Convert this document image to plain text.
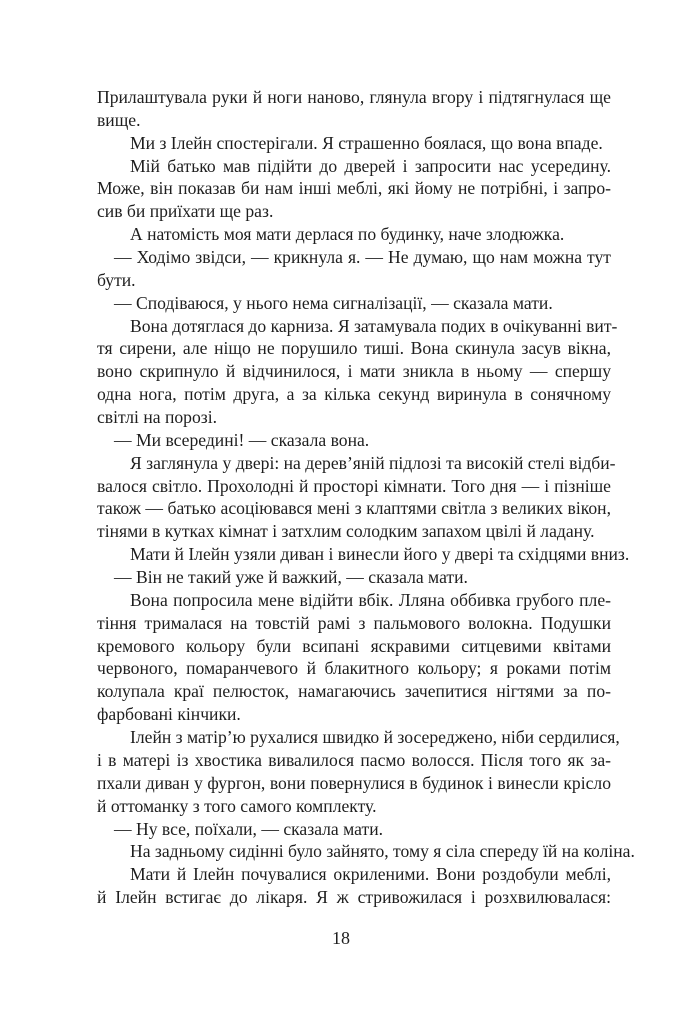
Прилаштувала руки й ноги наново, глянула вгору і підтягнулася ще
вище.
Ми з Ілейн спостерігали. Я страшенно боялася, що вона впаде.
Мій батько мав підійти до дверей і запросити нас усередину.
Може, він показав би нам інші меблі, які йому не потрібні, і запро-
сив би приїхати ще раз.
А натомість моя мати дерлася по будинку, наче злодюжка.
— Ходімо звідси, — крикнула я. — Не думаю, що нам можна тут
бути.
— Сподіваюся, у нього нема сигналізації, — сказала мати.
Вона дотяглася до карниза. Я затамувала подих в очікуванні вит-
тя сирени, але ніщо не порушило тиші. Вона скинула засув вікна,
воно скрипнуло й відчинилося, і мати зникла в ньому — спершу
одна нога, потім друга, а за кілька секунд виринула в сонячному
світлі на порозі.
— Ми всередині! — сказала вона.
Я заглянула у двері: на дерев’яній підлозі та високій стелі відби-
валося світло. Прохолодні й просторі кімнати. Того дня — і пізніше
також — батько асоціювався мені з клаптями світла з великих вікон,
тінями в кутках кімнат і затхлим солодким запахом цвілі й ладану.
Мати й Ілейн узяли диван і винесли його у двері та східцями вниз.
— Він не такий уже й важкий, — сказала мати.
Вона попросила мене відійти вбік. Лляна оббивка грубого пле-
тіння трималася на товстій рамі з пальмового волокна. Подушки
кремового кольору були всипані яскравими ситцевими квітами
червоного, помаранчевого й блакитного кольору; я роками потім
колупала краї пелюсток, намагаючись зачепитися нігтями за по-
фарбовані кінчики.
Ілейн з матір’ю рухалися швидко й зосереджено, ніби сердилися,
і в матері із хвостика вивалилося пасмо волосся. Після того як за-
пхали диван у фургон, вони повернулися в будинок і винесли крісло
й оттоманку з того самого комплекту.
— Ну все, поїхали, — сказала мати.
На задньому сидінні було зайнято, тому я сіла спереду їй на коліна.
Мати й Ілейн почувалися окриленими. Вони роздобули меблі,
й Ілейн встигає до лікаря. Я ж стривожилася і розхвилювалася:
18
